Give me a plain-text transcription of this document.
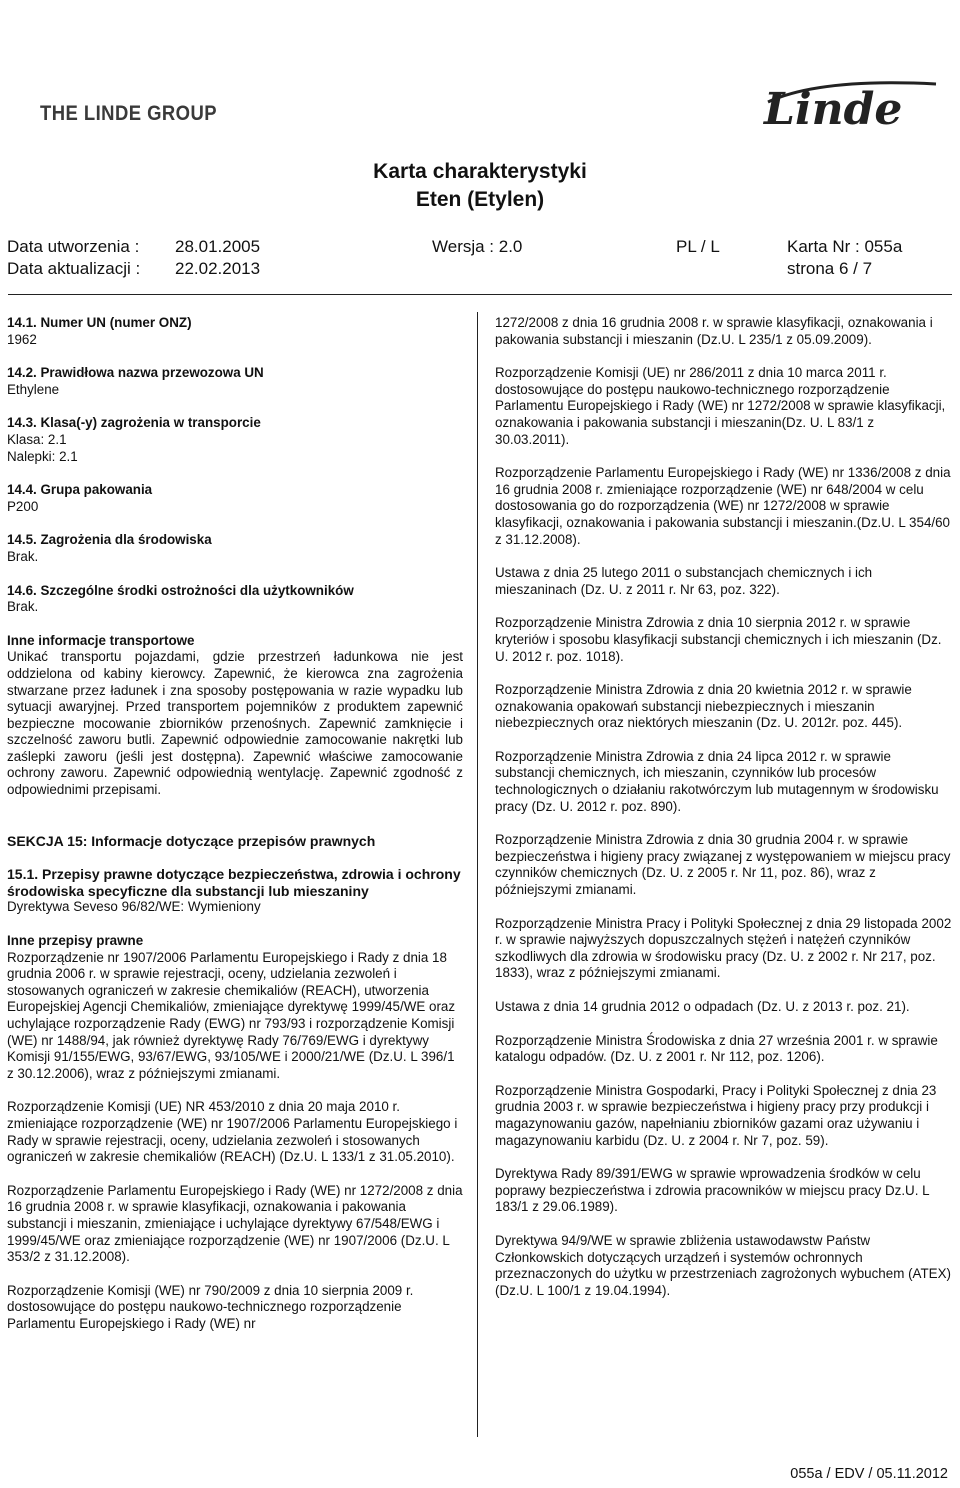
THE LINDE GROUP	Linde
Karta charakterystyki
Eten (Etylen)
Data utworzenia : 28.01.2005
Data aktualizacji : 22.02.2013
Wersja : 2.0	PL / L	Karta Nr : 055a
strona 6 / 7

14.1. Numer UN (numer ONZ)
1962

14.2. Prawidłowa nazwa przewozowa UN
Ethylene

14.3. Klasa(-y) zagrożenia w transporcie
Klasa: 2.1
Nalepki: 2.1

14.4. Grupa pakowania
P200

14.5. Zagrożenia dla środowiska
Brak.

14.6. Szczególne środki ostrożności dla użytkowników
Brak.

Inne informacje transportowe
Unikać transportu pojazdami, gdzie przestrzeń ładunkowa nie jest oddzielona od kabiny kierowcy. Zapewnić, że kierowca zna zagrożenia stwarzane przez ładunek i zna sposoby postępowania w razie wypadku lub sytuacji awaryjnej. Przed transportem pojemników z produktem zapewnić bezpieczne mocowanie zbiorników przenośnych. Zapewnić zamknięcie i szczelność zaworu butli. Zapewnić odpowiednie zamocowanie nakrętki lub zaślepki zaworu (jeśli jest dostępna). Zapewnić właściwe zamocowanie ochrony zaworu. Zapewnić odpowiednią wentylację. Zapewnić zgodność z odpowiednimi przepisami.

SEKCJA 15: Informacje dotyczące przepisów prawnych

15.1. Przepisy prawne dotyczące bezpieczeństwa, zdrowia i ochrony środowiska specyficzne dla substancji lub mieszaniny
Dyrektywa Seveso 96/82/WE: Wymieniony

Inne przepisy prawne
Rozporządzenie nr 1907/2006 Parlamentu Europejskiego i Rady z dnia 18 grudnia 2006 r. w sprawie rejestracji, oceny, udzielania zezwoleń i stosowanych ograniczeń w zakresie chemikaliów (REACH), utworzenia Europejskiej Agencji Chemikaliów, zmieniające dyrektywę 1999/45/WE oraz uchylające rozporządzenie Rady (EWG) nr 793/93 i rozporządzenie Komisji (WE) nr 1488/94, jak również dyrektywę Rady 76/769/EWG i dyrektywy Komisji 91/155/EWG, 93/67/EWG, 93/105/WE i 2000/21/WE (Dz.U. L 396/1 z 30.12.2006), wraz z późniejszymi zmianami.

Rozporządzenie Komisji (UE) NR 453/2010 z dnia 20 maja 2010 r. zmieniające rozporządzenie (WE) nr 1907/2006 Parlamentu Europejskiego i Rady w sprawie rejestracji, oceny, udzielania zezwoleń i stosowanych ograniczeń w zakresie chemikaliów (REACH) (Dz.U. L 133/1 z 31.05.2010).

Rozporządzenie Parlamentu Europejskiego i Rady (WE) nr 1272/2008 z dnia 16 grudnia 2008 r. w sprawie klasyfikacji, oznakowania i pakowania substancji i mieszanin, zmieniające i uchylające dyrektywy 67/548/EWG i 1999/45/WE oraz zmieniające rozporządzenie (WE) nr 1907/2006 (Dz.U. L 353/2 z 31.12.2008).

Rozporządzenie Komisji (WE) nr 790/2009 z dnia 10 sierpnia 2009 r. dostosowujące do postępu naukowo-technicznego rozporządzenie Parlamentu Europejskiego i Rady (WE) nr

1272/2008 z dnia 16 grudnia 2008 r. w sprawie klasyfikacji, oznakowania i pakowania substancji i mieszanin (Dz.U. L 235/1 z 05.09.2009).

Rozporządzenie Komisji (UE) nr 286/2011 z dnia 10 marca 2011 r. dostosowujące do postępu naukowo-technicznego rozporządzenie Parlamentu Europejskiego i Rady (WE) nr 1272/2008 w sprawie klasyfikacji, oznakowania i pakowania substancji i mieszanin(Dz. U. L 83/1 z 30.03.2011).

Rozporządzenie Parlamentu Europejskiego i Rady (WE) nr 1336/2008 z dnia 16 grudnia 2008 r. zmieniające rozporządzenie (WE) nr 648/2004 w celu dostosowania go do rozporządzenia (WE) nr 1272/2008 w sprawie klasyfikacji, oznakowania i pakowania substancji i mieszanin.(Dz.U. L 354/60 z 31.12.2008).

Ustawa z dnia 25 lutego 2011 o substancjach chemicznych i ich mieszaninach (Dz. U. z 2011 r. Nr 63, poz. 322).

Rozporządzenie Ministra Zdrowia z dnia 10 sierpnia 2012 r. w sprawie kryteriów i sposobu klasyfikacji substancji chemicznych i ich mieszanin (Dz. U. 2012 r. poz. 1018).

Rozporządzenie Ministra Zdrowia z dnia 20 kwietnia 2012 r. w sprawie oznakowania opakowań substancji niebezpiecznych i mieszanin niebezpiecznych oraz niektórych mieszanin (Dz. U. 2012r. poz. 445).

Rozporządzenie Ministra Zdrowia z dnia 24 lipca 2012 r. w sprawie substancji chemicznych, ich mieszanin, czynników lub procesów technologicznych o działaniu rakotwórczym lub mutagennym w środowisku pracy (Dz. U. 2012 r. poz. 890).

Rozporządzenie Ministra Zdrowia z dnia 30 grudnia 2004 r. w sprawie bezpieczeństwa i higieny pracy związanej z występowaniem w miejscu pracy czynników chemicznych (Dz. U. z 2005 r. Nr 11, poz. 86), wraz z późniejszymi zmianami.

Rozporządzenie Ministra Pracy i Polityki Społecznej z dnia 29 listopada 2002 r. w sprawie najwyższych dopuszczalnych stężeń i natężeń czynników szkodliwych dla zdrowia w środowisku pracy (Dz. U. z 2002 r. Nr 217, poz. 1833), wraz z późniejszymi zmianami.

Ustawa z dnia 14 grudnia 2012 o odpadach (Dz. U. z 2013 r. poz. 21).

Rozporządzenie Ministra Środowiska z dnia 27 września 2001 r. w sprawie katalogu odpadów. (Dz. U. z 2001 r. Nr 112, poz. 1206).

Rozporządzenie Ministra Gospodarki, Pracy i Polityki Społecznej z dnia 23 grudnia 2003 r. w sprawie bezpieczeństwa i higieny pracy przy produkcji i magazynowaniu gazów, napełnianiu zbiorników gazami oraz używaniu i magazynowaniu karbidu (Dz. U. z 2004 r. Nr 7, poz. 59).

Dyrektywa Rady 89/391/EWG w sprawie wprowadzenia środków w celu poprawy bezpieczeństwa i zdrowia pracowników w miejscu pracy Dz.U. L 183/1 z 29.06.1989).

Dyrektywa 94/9/WE w sprawie zbliżenia ustawodawstw Państw Członkowskich dotyczących urządzeń i systemów ochronnych przeznaczonych do użytku w przestrzeniach zagrożonych wybuchem (ATEX)(Dz.U. L 100/1 z 19.04.1994).

055a / EDV / 05.11.2012
